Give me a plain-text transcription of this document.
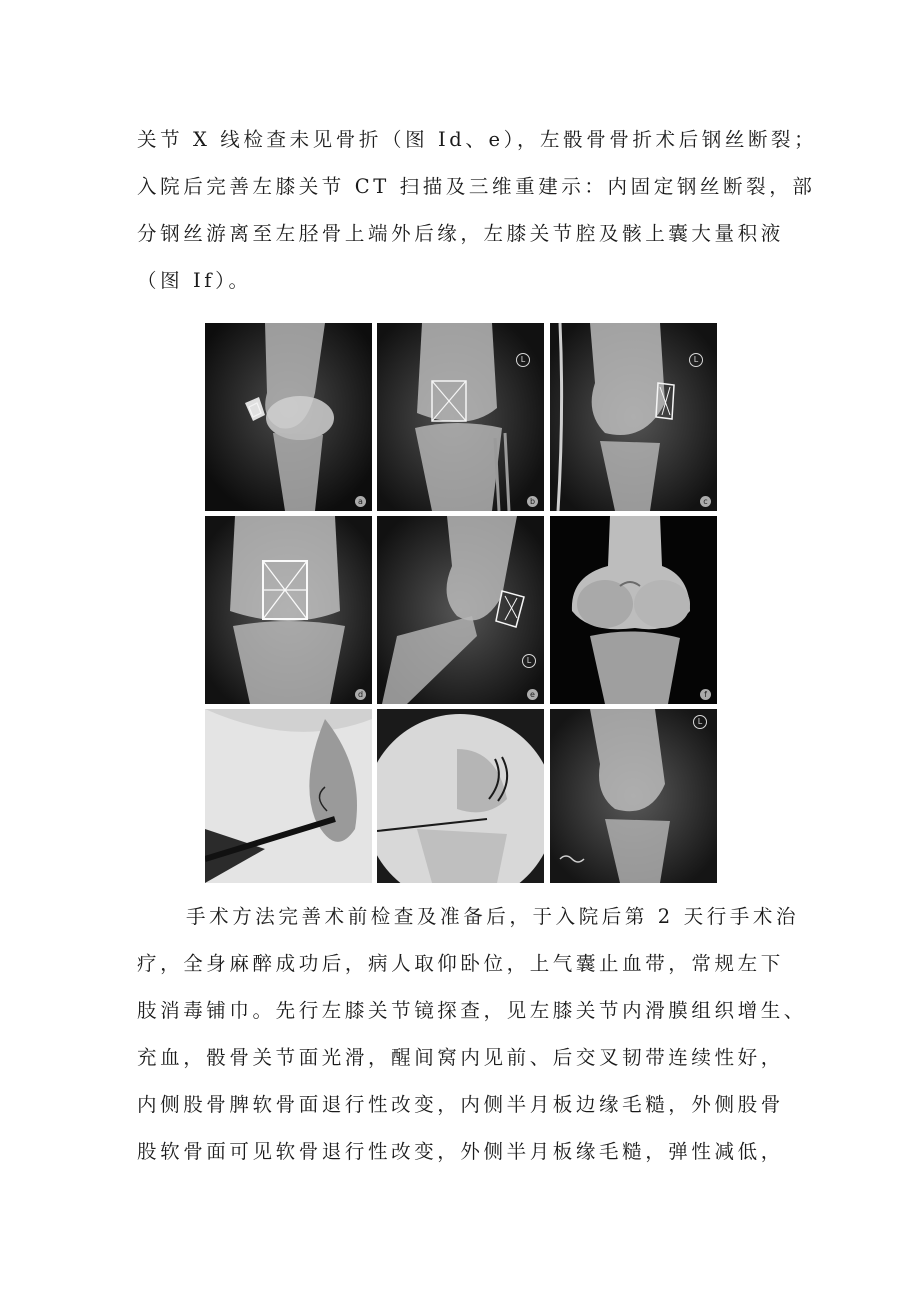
关节 X 线检查未见骨折（图 Id、e），左骰骨骨折术后钢丝断裂；
入院后完善左膝关节 CT 扫描及三维重建示：内固定钢丝断裂，部
分钢丝游离至左胫骨上端外后缘，左膝关节腔及骸上囊大量积液
（图 If）。
a
L
b
L
c
d
L
e	f
L
手术方法完善术前检查及准备后，于入院后第 2 天行手术治
疗，全身麻醉成功后，病人取仰卧位，上气囊止血带，常规左下
肢消毒铺巾。先行左膝关节镜探查，见左膝关节内滑膜组织增生、
充血，骰骨关节面光滑，醒间窝内见前、后交叉韧带连续性好，
内侧股骨脾软骨面退行性改变，内侧半月板边缘毛糙，外侧股骨
股软骨面可见软骨退行性改变，外侧半月板缘毛糙，弹性减低，
